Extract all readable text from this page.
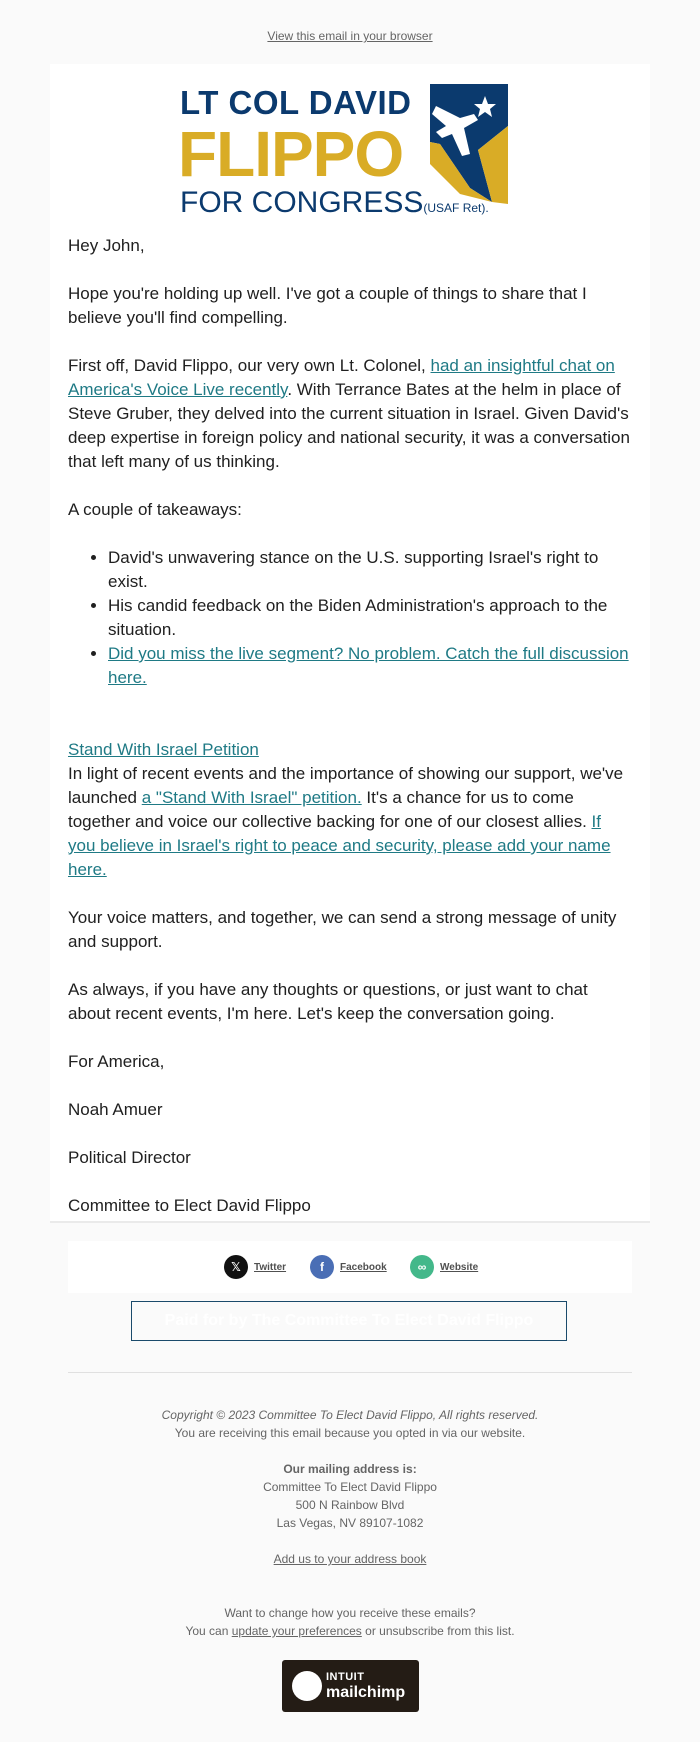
View this email in your browser
LT COL DAVID
FLIPPO
FOR CONGRESS(USAF Ret).

Hey John,

Hope you're holding up well. I've got a couple of things to share that I believe you'll find compelling.

First off, David Flippo, our very own Lt. Colonel, had an insightful chat on America's Voice Live recently. With Terrance Bates at the helm in place of Steve Gruber, they delved into the current situation in Israel. Given David's deep expertise in foreign policy and national security, it was a conversation that left many of us thinking.

A couple of takeaways:

• David's unwavering stance on the U.S. supporting Israel's right to exist.
• His candid feedback on the Biden Administration's approach to the situation.
• Did you miss the live segment? No problem. Catch the full discussion here.

Stand With Israel Petition

In light of recent events and the importance of showing our support, we've launched a "Stand With Israel" petition. It's a chance for us to come together and voice our collective backing for one of our closest allies. If you believe in Israel's right to peace and security, please add your name here.

Your voice matters, and together, we can send a strong message of unity and support.

As always, if you have any thoughts or questions, or just want to chat about recent events, I'm here. Let's keep the conversation going.

For America,

Noah Amuer

Political Director

Committee to Elect David Flippo

𝕏	Twitter	f	Facebook	∞	Website
Paid for by The Committee To Elect David Flippo

Copyright © 2023 Committee To Elect David Flippo, All rights reserved.

You are receiving this email because you opted in via our website.

Our mailing address is:

Committee To Elect David Flippo

500 N Rainbow Blvd

Las Vegas, NV 89107-1082

Add us to your address book

Want to change how you receive these emails?

You can update your preferences or unsubscribe from this list.

INTUIT
mailchimp
